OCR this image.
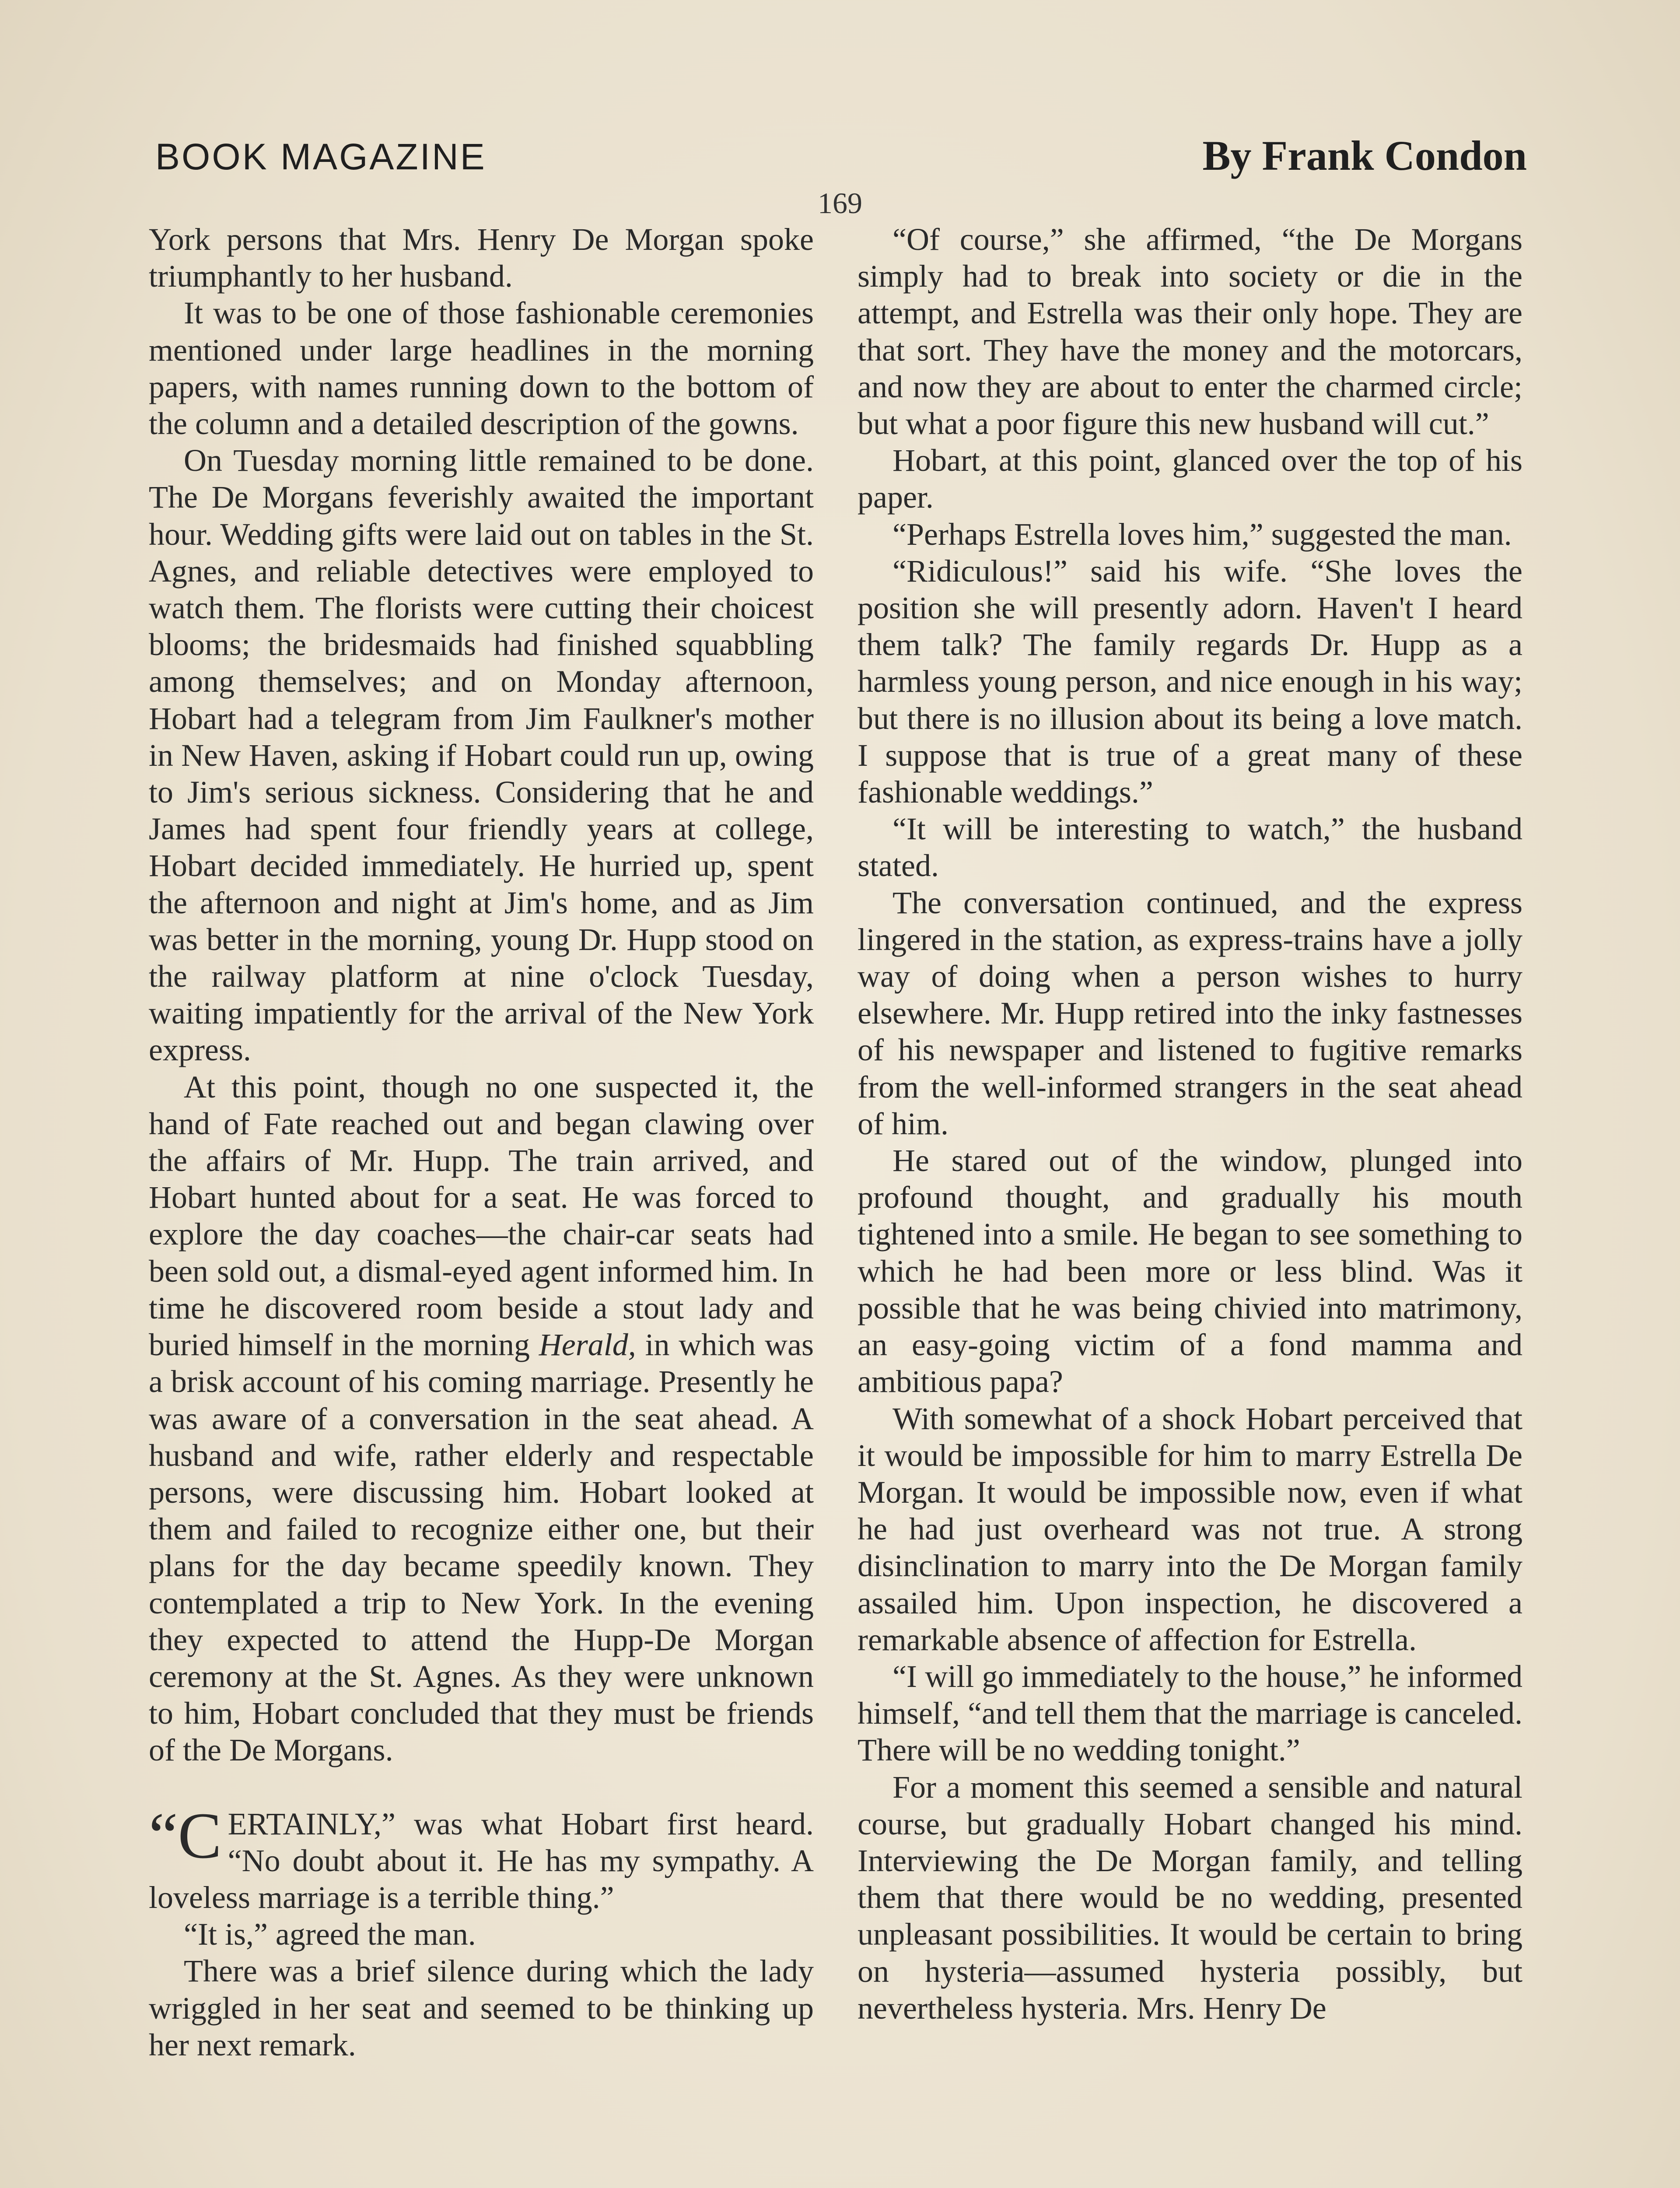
BOOK MAGAZINE	By Frank Condon
169

York persons that Mrs. Henry De Morgan spoke triumphantly to her husband.

It was to be one of those fashionable ceremonies mentioned under large headlines in the morning papers, with names running down to the bottom of the column and a detailed description of the gowns.

On Tuesday morning little remained to be done. The De Morgans feverishly awaited the important hour. Wedding gifts were laid out on tables in the St. Agnes, and reliable detectives were employed to watch them. The florists were cutting their choicest blooms; the bridesmaids had finished squabbling among themselves; and on Monday afternoon, Hobart had a telegram from Jim Faulkner's mother in New Haven, asking if Hobart could run up, owing to Jim's serious sickness. Considering that he and James had spent four friendly years at college, Hobart decided immediately. He hurried up, spent the afternoon and night at Jim's home, and as Jim was better in the morning, young Dr. Hupp stood on the railway platform at nine o'clock Tuesday, waiting impatiently for the arrival of the New York express.

At this point, though no one suspected it, the hand of Fate reached out and began clawing over the affairs of Mr. Hupp. The train arrived, and Hobart hunted about for a seat. He was forced to explore the day coaches—the chair-car seats had been sold out, a dismal-eyed agent informed him. In time he discovered room beside a stout lady and buried himself in the morning Herald, in which was a brisk account of his coming marriage. Presently he was aware of a conversation in the seat ahead. A husband and wife, rather elderly and respectable persons, were discussing him. Hobart looked at them and failed to recognize either one, but their plans for the day became speedily known. They contemplated a trip to New York. In the evening they expected to attend the Hupp-De Morgan ceremony at the St. Agnes. As they were unknown to him, Hobart concluded that they must be friends of the De Morgans.

“C ERTAINLY,” was what Hobart first heard. “No doubt about it. He has my sympathy. A loveless marriage is a terrible thing.”

“It is,” agreed the man.

There was a brief silence during which the lady wriggled in her seat and seemed to be thinking up her next remark.

“Of course,” she affirmed, “the De Morgans simply had to break into society or die in the attempt, and Estrella was their only hope. They are that sort. They have the money and the motorcars, and now they are about to enter the charmed circle; but what a poor figure this new husband will cut.”

Hobart, at this point, glanced over the top of his paper.

“Perhaps Estrella loves him,” suggested the man.

“Ridiculous!” said his wife. “She loves the position she will presently adorn. Haven't I heard them talk? The family regards Dr. Hupp as a harmless young person, and nice enough in his way; but there is no illusion about its being a love match. I suppose that is true of a great many of these fashionable weddings.”

“It will be interesting to watch,” the husband stated.

The conversation continued, and the express lingered in the station, as express-trains have a jolly way of doing when a person wishes to hurry elsewhere. Mr. Hupp retired into the inky fastnesses of his newspaper and listened to fugitive remarks from the well-informed strangers in the seat ahead of him.

He stared out of the window, plunged into profound thought, and gradually his mouth tightened into a smile. He began to see something to which he had been more or less blind. Was it possible that he was being chivied into matrimony, an easy-going victim of a fond mamma and ambitious papa?

With somewhat of a shock Hobart perceived that it would be impossible for him to marry Estrella De Morgan. It would be impossible now, even if what he had just overheard was not true. A strong disinclination to marry into the De Morgan family assailed him. Upon inspection, he discovered a remarkable absence of affection for Estrella.

“I will go immediately to the house,” he informed himself, “and tell them that the marriage is canceled. There will be no wedding tonight.”

For a moment this seemed a sensible and natural course, but gradually Hobart changed his mind. Interviewing the De Morgan family, and telling them that there would be no wedding, presented unpleasant possibilities. It would be certain to bring on hysteria—assumed hysteria possibly, but nevertheless hysteria. Mrs. Henry De
